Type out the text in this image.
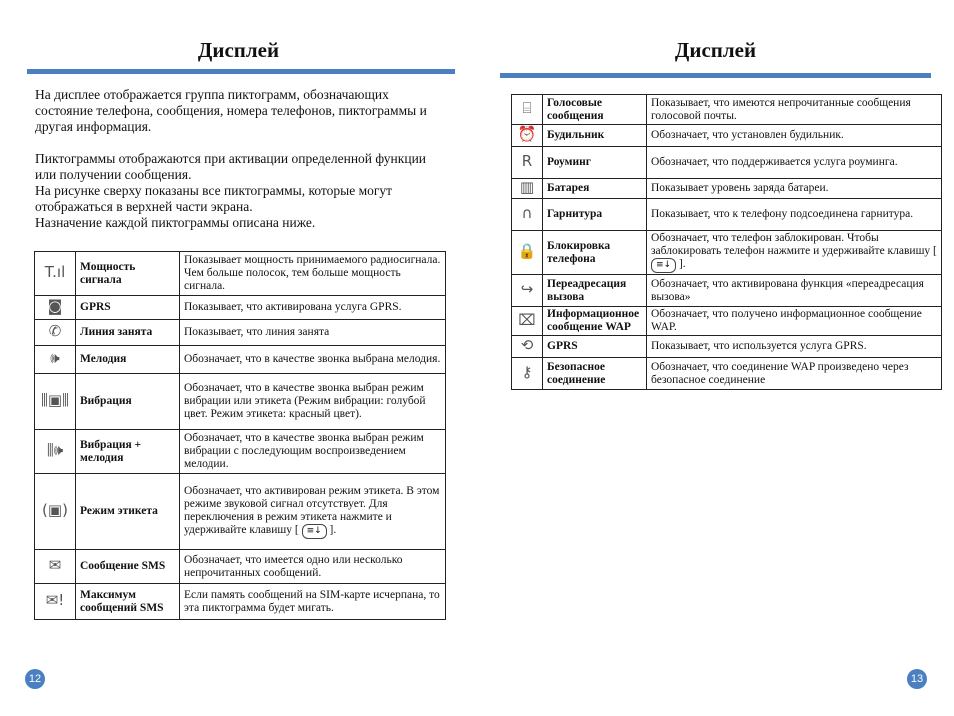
Дисплей

На дисплее отображается группа пиктограмм, обозначающих состояние телефона, сообщения, номера телефонов, пиктограммы и другая информация.

Пиктограммы отображаются при активации определенной функции или получении сообщения.

На рисунке сверху показаны все пиктограммы, которые могут отображаться в верхней части экрана.

Назначение каждой пиктограммы описана ниже.

T.ıl	Мощность сигнала	Показывает мощность принимаемого радиосигнала. Чем больше полосок, тем больше мощность сигнала.
◙	GPRS	Показывает, что активирована услуга GPRS.
✆	Линия занята	Показывает, что линия занята
🕪	Мелодия	Обозначает, что в качестве звонка выбрана мелодия.
⫼▣⫼	Вибрация	Обозначает, что в качестве звонка выбран режим вибрации или этикета (Режим вибрации: голубой цвет. Режим этикета: красный цвет).
⫼🕪	Вибрация + мелодия	Обозначает, что в качестве звонка выбран режим вибрации с последующим воспроизведением мелодии.
(▣)	Режим этикета	Обозначает, что активирован режим этикета. В этом режиме звуковой сигнал отсутствует. Для переключения в режим этикета нажмите и удерживайте клавишу [ ≡↓ ].
✉	Сообщение SMS	Обозначает, что имеется одно или несколько непрочитанных сообщений.
✉!	Максимум сообщений SMS	Если память сообщений на SIM-карте исчерпана, то эта пиктограмма будет мигать.
12
Дисплей
⌸	Голосовые сообщения	Показывает, что имеются непрочитанные сообщения голосовой почты.
⏰	Будильник	Обозначает, что установлен будильник.
R	Роуминг	Обозначает, что поддерживается услуга роуминга.
▥	Батарея	Показывает уровень заряда батареи.
∩	Гарнитура	Показывает, что к телефону подсоединена гарнитура.
🔒	Блокировка телефона	Обозначает, что телефон заблокирован. Чтобы заблокировать телефон нажмите и удерживайте клавишу [ ≡↓ ].
↪	Переадресация вызова	Обозначает, что активирована функция «переадресация вызова»
⌧	Информационное сообщение WAP	Обозначает, что получено информационное сообщение WAP.
⟲	GPRS	Показывает, что используется услуга GPRS.
⚷	Безопасное соединение	Обозначает, что соединение WAP произведено через безопасное соединение
13
